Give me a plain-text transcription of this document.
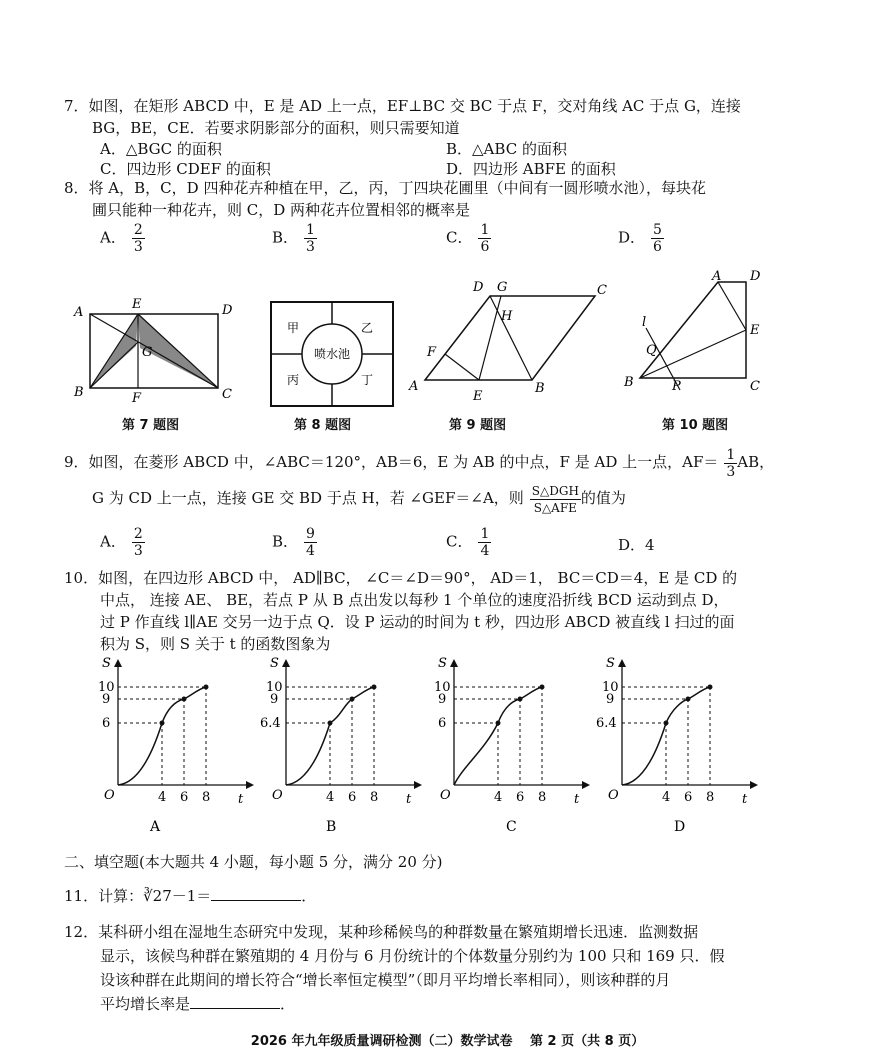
7．如图，在矩形 ABCD 中，E 是 AD 上一点，EF⊥BC 交 BC 于点 F，交对角线 AC 于点 G，连接
BG，BE，CE．若要求阴影部分的面积，则只需要知道
A．△BGC 的面积	B．△ABC 的面积
C．四边形 CDEF 的面积	D．四边形 ABFE 的面积
8．将 A，B，C，D 四种花卉种植在甲，乙，丙，丁四块花圃里（中间有一圆形喷水池），每块花
圃只能种一种花卉，则 C，D 两种花卉位置相邻的概率是
A． $\frac{2}{3}$	B． $\frac{1}{3}$	C． $\frac{1}{6}$	D． $\frac{5}{6}$
A
E	D
G
B	F	C
第 7 题图
甲	乙
喷水池
丙	丁
第 8 题图
D G	C
H
F
A
E
B
第 9 题图
A D
l
E
Q
B	P	C
第 10 题图
9．如图，在菱形 ABCD 中，∠ABC＝120°，AB＝6，E 为 AB 的中点，F 是 AD 上一点，$AF= \frac{1}{3}$ AB，
G 为 CD 上一点，连接 GE 交 BD 于点 H，若 ∠GEF＝∠A，则 $\frac{\text{S△DGH}}{\text{S△AFE}}$ 的值为
A． $\frac{2}{3}$	B． $\frac{9}{4}$	C． $\frac{1}{4}$	D．4
10．如图，在四边形 ABCD 中， AD∥BC， ∠C＝∠D＝90°， AD＝1， BC＝CD＝4，E 是 CD 的
中点， 连接 AE、 BE，若点 P 从 B 点出发以每秒 1 个单位的速度沿折线 BCD 运动到点 D，
过 P 作直线 l∥AE 交另一边于点 Q．设 P 运动的时间为 t 秒，四边形 ABCD 被直线 l 扫过的面
积为 S，则 S 关于 t 的函数图象为
S
10
9
6
O	4 6 8 t
A
S
10
9
6.4
O	4 6 8 t
B
S
10
9
6
O	4 6 8 t
C
S
10
9
6.4
O	4 6 8 t
D
二、填空题(本大题共 4 小题，每小题 5 分，满分 20 分)
11．计算：∛27－1＝	．
12．某科研小组在湿地生态研究中发现，某种珍稀候鸟的种群数量在繁殖期增长迅速．监测数据
显示，该候鸟种群在繁殖期的 4 月份与 6 月份统计的个体数量分别约为 100 只和 169 只．假
设该种群在此期间的增长符合“增长率恒定模型”（即月平均增长率相同），则该种群的月
平均增长率是	．
2026 年九年级质量调研检测（二）数学试卷　 第 2 页（共 8 页）
